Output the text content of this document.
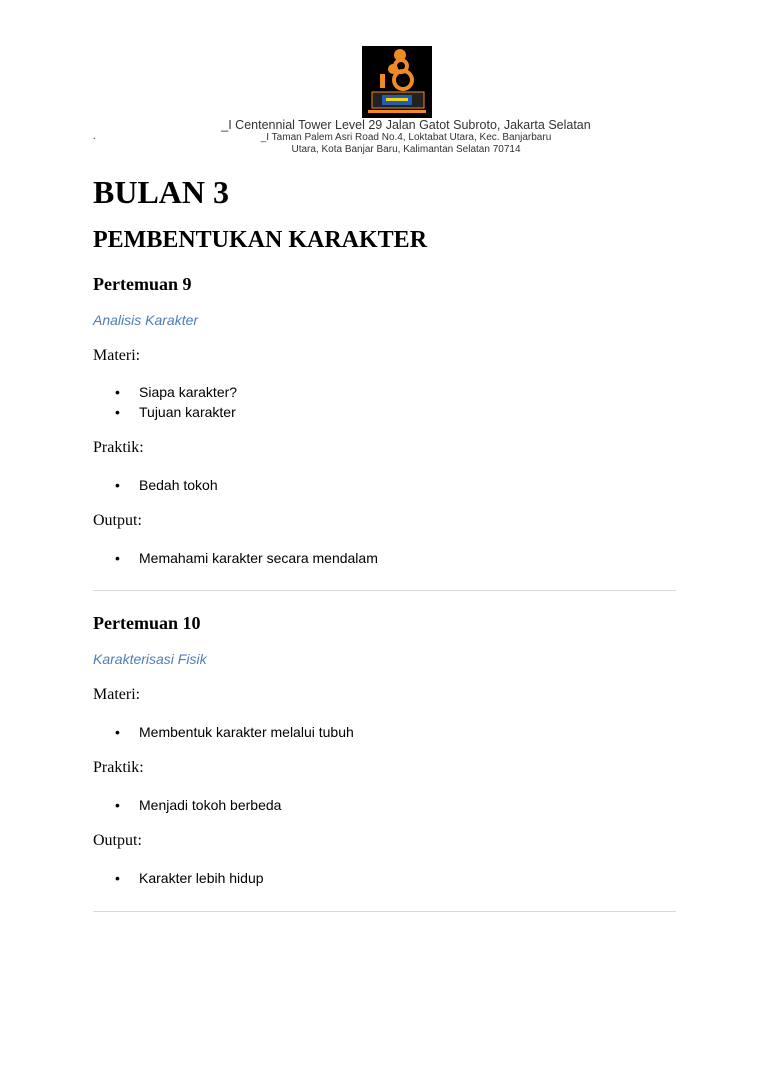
_I Centennial Tower Level 29 Jalan Gatot Subroto, Jakarta Selatan
.	_I Taman Palem Asri Road No.4, Loktabat Utara, Kec. Banjarbaru
Utara, Kota Banjar Baru, Kalimantan Selatan 70714
BULAN 3
PEMBENTUKAN KARAKTER
Pertemuan 9
Analisis Karakter
Materi:
• Siapa karakter?
• Tujuan karakter
Praktik:
• Bedah tokoh
Output:
• Memahami karakter secara mendalam
Pertemuan 10
Karakterisasi Fisik
Materi:
• Membentuk karakter melalui tubuh
Praktik:
• Menjadi tokoh berbeda
Output:
• Karakter lebih hidup
